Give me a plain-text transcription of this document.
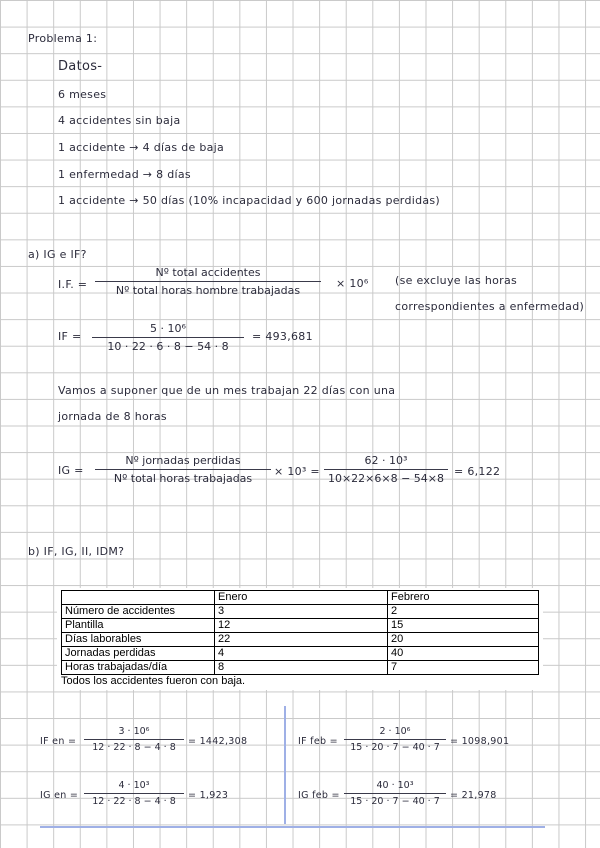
Problema 1:
Datos-
6 meses
4 accidentes sin baja
1 accidente → 4 días de baja
1 enfermedad → 8 días
1 accidente → 50 días (10% incapacidad y 600 jornadas perdidas)
a) IG e IF?
I.F. =
Nº total accidentes
Nº total horas hombre trabajadas
× 10⁶ (se excluye las horas
correspondientes a enfermedad)
IF =
5 · 10⁶
10 · 22 · 6 · 8 − 54 · 8
= 493,681
Vamos a suponer que de un mes trabajan 22 días con una
jornada de 8 horas
IG =
Nº jornadas perdidas
Nº total horas trabajadas
× 10³ =
62 · 10³
10×22×6×8 − 54×8
= 6,122
b) IF, IG, II, IDM?
	Enero	Febrero
Número de accidentes	3	2
Plantilla	12	15
Días laborables	22	20
Jornadas perdidas	4	40
Horas trabajadas/día	8	7
Todos los accidentes fueron con baja.
IF en =
3 · 10⁶
12 · 22 · 8 − 4 · 8
= 1442,308	IF feb =
2 · 10⁶
15 · 20 · 7 − 40 · 7
= 1098,901
IG en =
4 · 10³
12 · 22 · 8 − 4 · 8
= 1,923	IG feb =
40 · 10³
15 · 20 · 7 − 40 · 7
= 21,978
